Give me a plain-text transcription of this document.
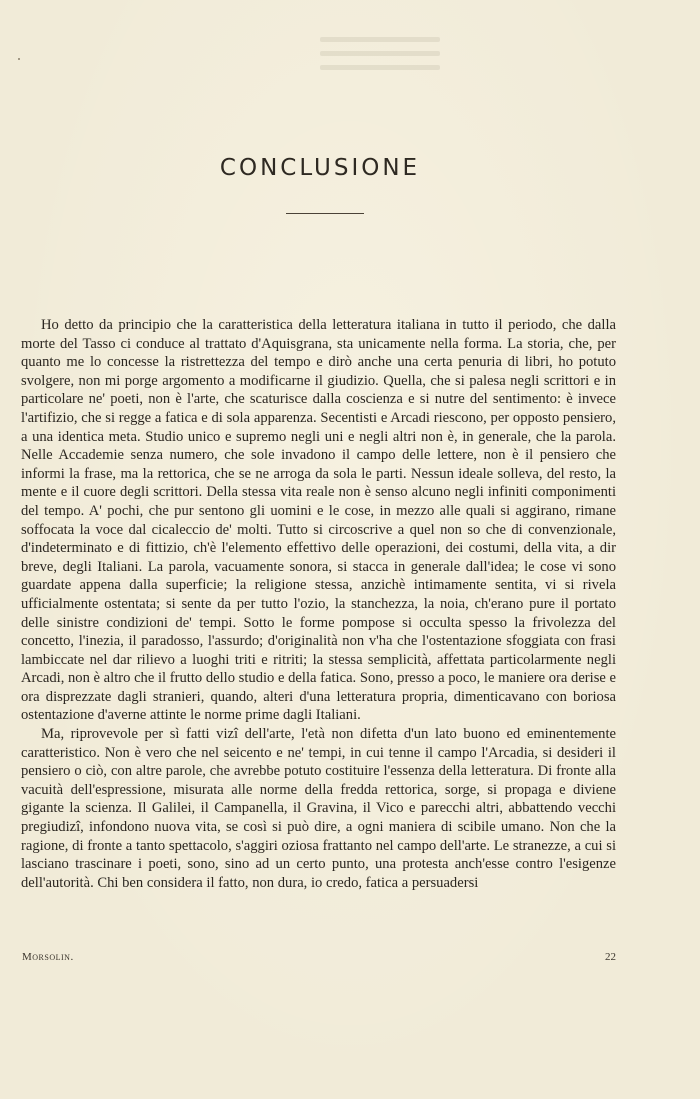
CONCLUSIONE

Ho detto da principio che la caratteristica della letteratura italiana in tutto il periodo, che dalla morte del Tasso ci conduce al trattato d'Aquisgrana, sta unicamente nella forma. La storia, che, per quanto me lo concesse la ristrettezza del tempo e dirò anche una certa penuria di libri, ho potuto svolgere, non mi porge argomento a modificarne il giudizio. Quella, che si palesa negli scrittori e in particolare ne' poeti, non è l'arte, che scaturisce dalla coscienza e si nutre del sentimento: è invece l'artifizio, che si regge a fatica e di sola apparenza. Secentisti e Arcadi riescono, per opposto pensiero, a una identica meta. Studio unico e supremo negli uni e negli altri non è, in generale, che la parola. Nelle Accademie senza numero, che sole invadono il campo delle lettere, non è il pensiero che informi la frase, ma la rettorica, che se ne arroga da sola le parti. Nessun ideale solleva, del resto, la mente e il cuore degli scrittori. Della stessa vita reale non è senso alcuno negli infiniti componimenti del tempo. A' pochi, che pur sentono gli uomini e le cose, in mezzo alle quali si aggirano, rimane soffocata la voce dal cicaleccio de' molti. Tutto si circoscrive a quel non so che di convenzionale, d'indeterminato e di fittizio, ch'è l'elemento effettivo delle operazioni, dei costumi, della vita, a dir breve, degli Italiani. La parola, vacuamente sonora, si stacca in generale dall'idea; le cose vi sono guardate appena dalla superficie; la religione stessa, anzichè intimamente sentita, vi si rivela ufficialmente ostentata; si sente da per tutto l'ozio, la stanchezza, la noia, ch'erano pure il portato delle sinistre condizioni de' tempi. Sotto le forme pompose si occulta spesso la frivolezza del concetto, l'inezia, il paradosso, l'assurdo; d'originalità non v'ha che l'ostentazione sfoggiata con frasi lambiccate nel dar rilievo a luoghi triti e ritriti; la stessa semplicità, affettata particolarmente negli Arcadi, non è altro che il frutto dello studio e della fatica. Sono, presso a poco, le maniere ora derise e ora disprezzate dagli stranieri, quando, alteri d'una letteratura propria, dimenticavano con boriosa ostentazione d'averne attinte le norme prime dagli Italiani.

Ma, riprovevole per sì fatti vizî dell'arte, l'età non difetta d'un lato buono ed eminentemente caratteristico. Non è vero che nel seicento e ne' tempi, in cui tenne il campo l'Arcadia, si desideri il pensiero o ciò, con altre parole, che avrebbe potuto costituire l'essenza della letteratura. Di fronte alla vacuità dell'espressione, misurata alle norme della fredda rettorica, sorge, si propaga e diviene gigante la scienza. Il Galilei, il Campanella, il Gravina, il Vico e parecchi altri, abbattendo vecchi pregiudizî, infondono nuova vita, se così si può dire, a ogni maniera di scibile umano. Non che la ragione, di fronte a tanto spettacolo, s'aggiri oziosa frattanto nel campo dell'arte. Le stranezze, a cui si lasciano trascinare i poeti, sono, sino ad un certo punto, una protesta anch'esse contro l'esigenze dell'autorità. Chi ben considera il fatto, non dura, io credo, fatica a persuadersi

Morsolin.	22
